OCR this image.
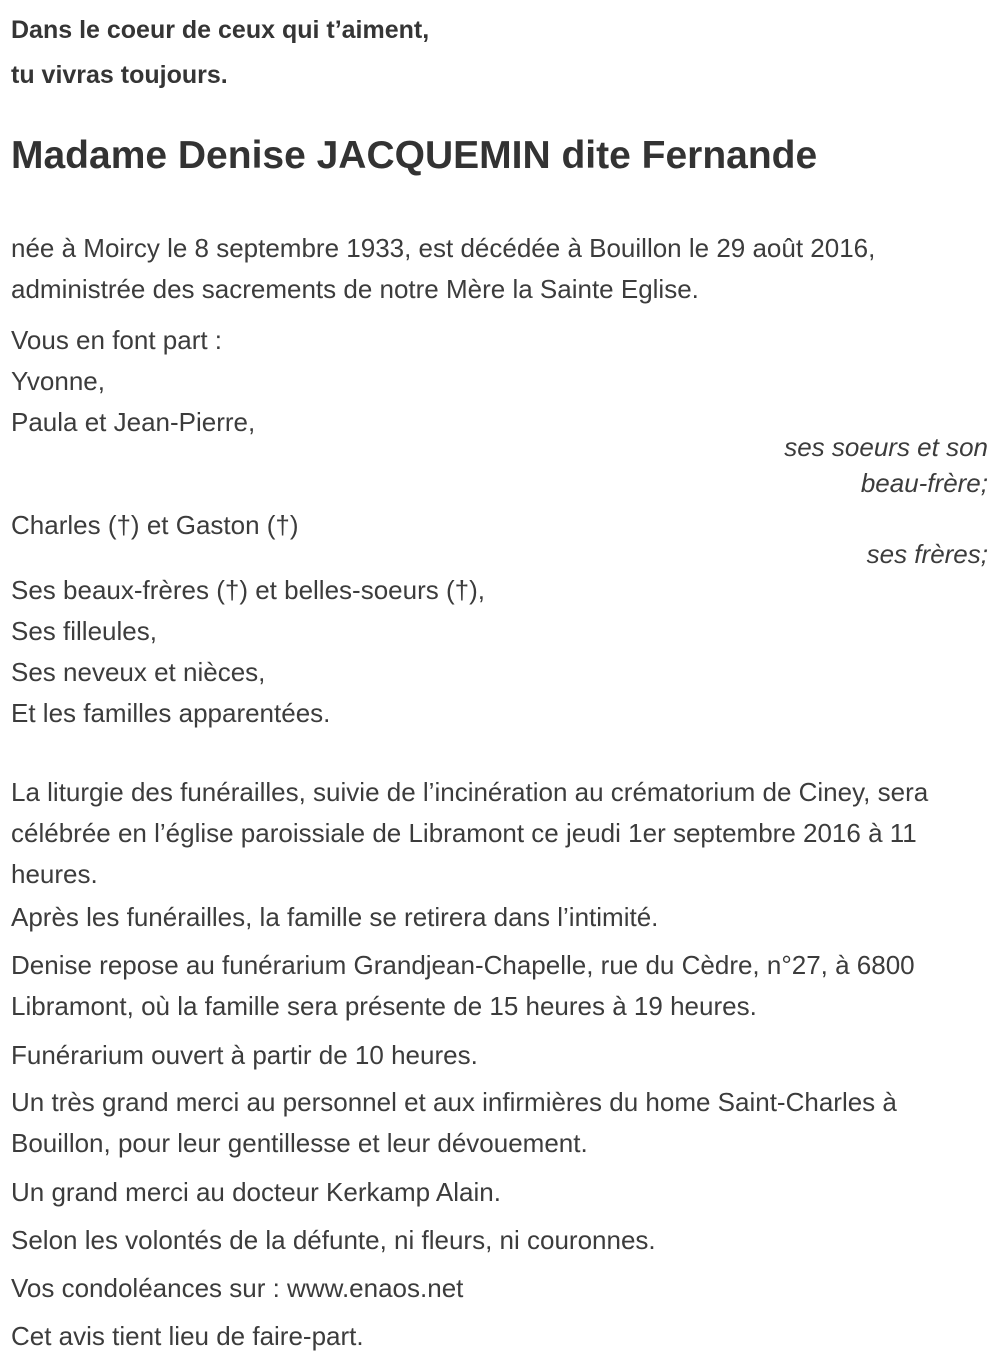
Dans le coeur de ceux qui t’aiment,

tu vivras toujours.

Madame Denise JACQUEMIN dite Fernande

née à Moircy le 8 septembre 1933, est décédée à Bouillon le 29 août 2016, administrée des sacrements de notre Mère la Sainte Eglise.

Vous en font part :

Yvonne,

Paula et Jean-Pierre,

ses soeurs et son
beau-frère;

Charles (†) et Gaston (†)

ses frères;

Ses beaux-frères (†) et belles-soeurs (†),

Ses filleules,

Ses neveux et nièces,

Et les familles apparentées.

La liturgie des funérailles, suivie de l’incinération au crématorium de Ciney, sera célébrée en l’église paroissiale de Libramont ce jeudi 1er septembre 2016 à 11 heures.

Après les funérailles, la famille se retirera dans l’intimité.

Denise repose au funérarium Grandjean-Chapelle, rue du Cèdre, n°27, à 6800 Libramont, où la famille sera présente de 15 heures à 19 heures.

Funérarium ouvert à partir de 10 heures.

Un très grand merci au personnel et aux infirmières du home Saint-Charles à Bouillon, pour leur gentillesse et leur dévouement.

Un grand merci au docteur Kerkamp Alain.

Selon les volontés de la défunte, ni fleurs, ni couronnes.

Vos condoléances sur : www.enaos.net

Cet avis tient lieu de faire-part.
